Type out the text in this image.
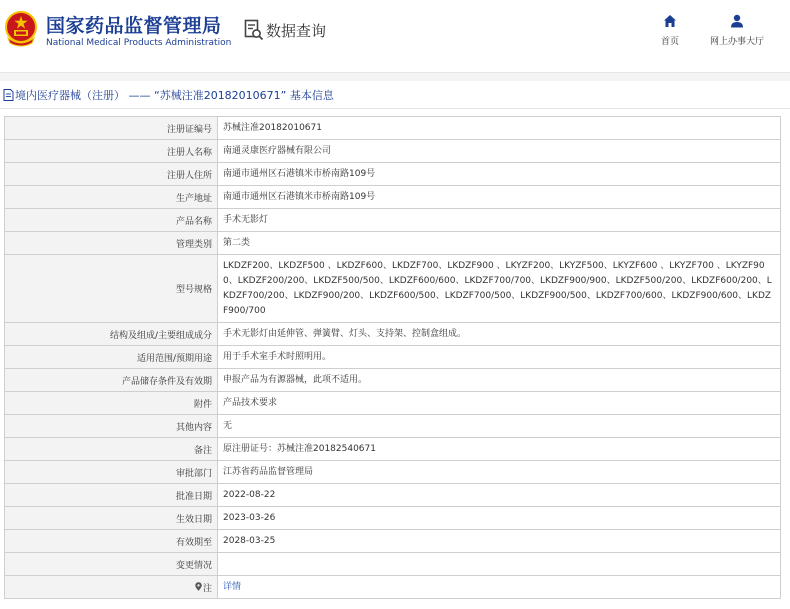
国家药品监督管理局
National Medical Products Administration
数据查询
首页	网上办事大厅
境内医疗器械（注册） —— “苏械注准20182010671” 基本信息
注册证编号	苏械注准20182010671
注册人名称	南通灵康医疗器械有限公司
注册人住所	南通市通州区石港镇米市桥南路109号
生产地址	南通市通州区石港镇米市桥南路109号
产品名称	手术无影灯
管理类别	第二类
型号规格	LKDZF200、LKDZF500 、LKDZF600、LKDZF700、LKDZF900 、LKYZF200、LKYZF500、LKYZF600 、LKYZF700 、LKYZF900、LKDZF200/200、LKDZF500/500、LKDZF600/600、LKDZF700/700、LKDZF900/900、LKDZF500/200、LKDZF600/200、LKDZF700/200、LKDZF900/200、LKDZF600/500、LKDZF700/500、LKDZF900/500、LKDZF700/600、LKDZF900/600、LKDZF900/700
结构及组成/主要组成成分	手术无影灯由延伸管、弹簧臂、灯头、支持架、控制盒组成。
适用范围/预期用途	用于手术室手术时照明用。
产品储存条件及有效期	申报产品为有源器械，此项不适用。
附件	产品技术要求
其他内容	无
备注	原注册证号：苏械注准20182540671
审批部门	江苏省药品监督管理局
批准日期	2022-08-22
生效日期	2023-03-26
有效期至	2028-03-25
变更情况	
注	详情
